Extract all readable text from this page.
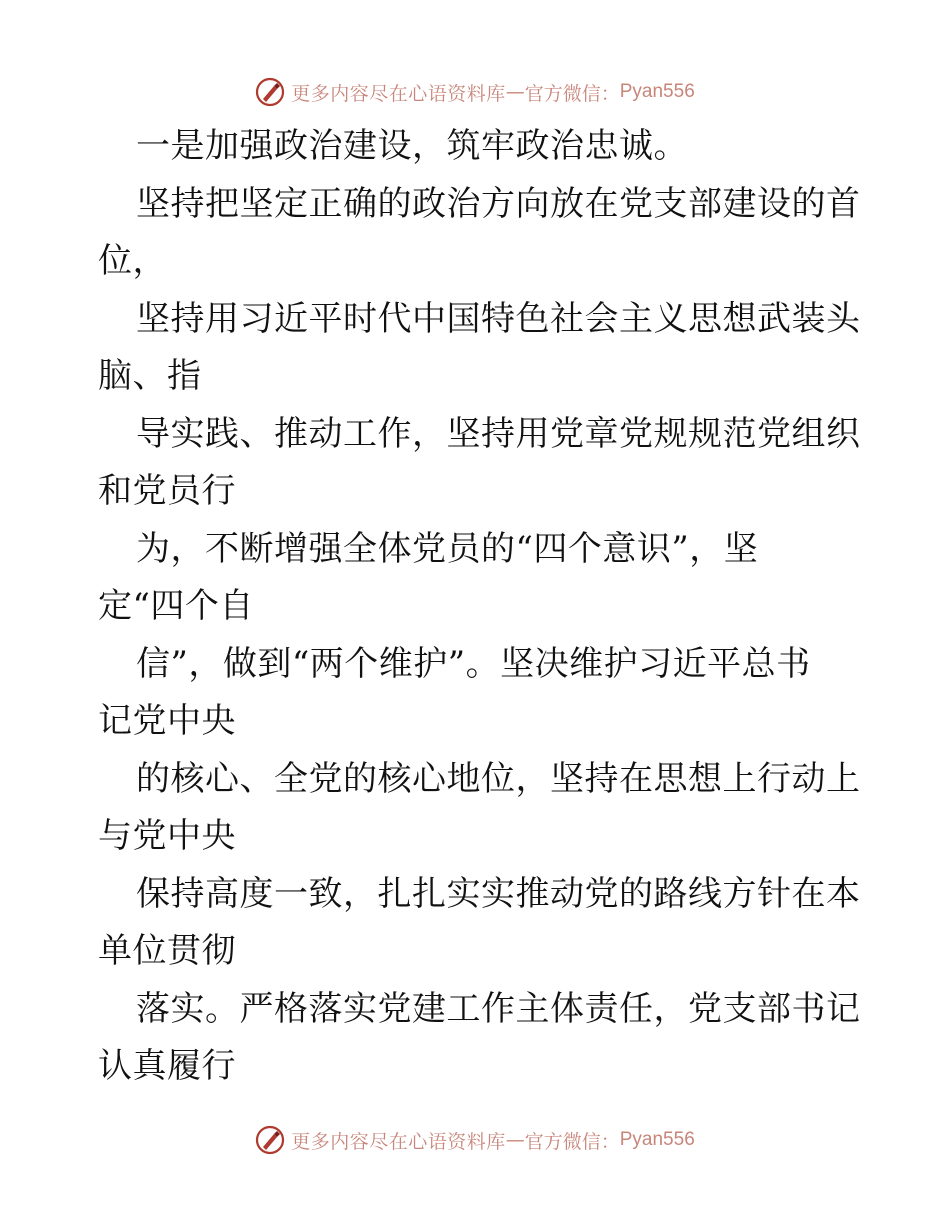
更多内容尽在心语资料库 — 官方微信： Pyan556
一是加强政治建设，筑牢政治忠诚。
坚持把坚定正确的政治方向放在党支部建设的首
位，
坚持用习近平时代中国特色社会主义思想武装头
脑、指
导实践、推动工作，坚持用党章党规规范党组织
和党员行
为，不断增强全体党员的“四个意识”，坚
定“四个自
信”，做到“两个维护”。坚决维护习近平总书
记党中央
的核心、全党的核心地位，坚持在思想上行动上
与党中央
保持高度一致，扎扎实实推动党的路线方针在本
单位贯彻
落实。严格落实党建工作主体责任，党支部书记
认真履行
更多内容尽在心语资料库 — 官方微信： Pyan556
